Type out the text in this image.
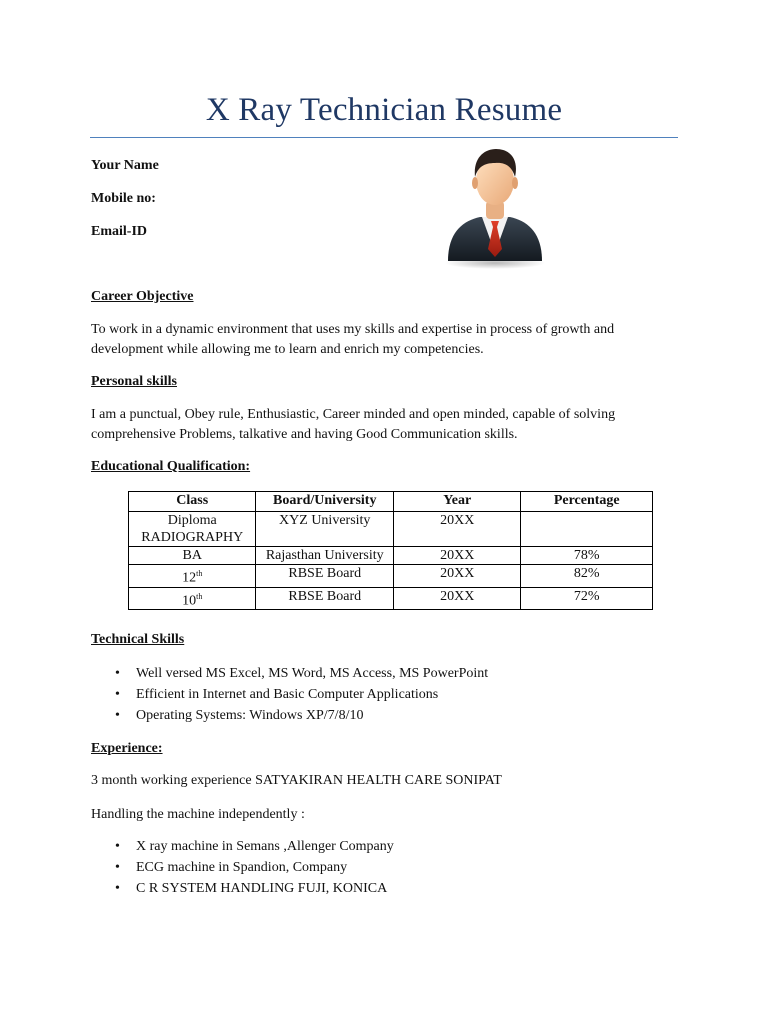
X Ray Technician Resume
Your Name
Mobile no:
Email-ID
Career Objective
To work in a dynamic environment that uses my skills and expertise in process of growth and development while allowing me to learn and enrich my competencies.
Personal skills
I am a punctual, Obey rule, Enthusiastic, Career minded and open minded, capable of solving comprehensive Problems, talkative and having Good Communication skills.
Educational Qualification:
Class	Board/University	Year	Percentage
Diploma RADIOGRAPHY	XYZ University	20XX	
BA	Rajasthan University	20XX	78%
12th	RBSE Board	20XX	82%
10th	RBSE Board	20XX	72%
Technical Skills
• Well versed MS Excel, MS Word, MS Access, MS PowerPoint
• Efficient in Internet and Basic Computer Applications
• Operating Systems: Windows XP/7/8/10
Experience:
3 month working experience SATYAKIRAN HEALTH CARE SONIPAT
Handling the machine independently :
• X ray machine in Semans ,Allenger Company
• ECG machine in Spandion, Company
• C R SYSTEM HANDLING FUJI, KONICA
